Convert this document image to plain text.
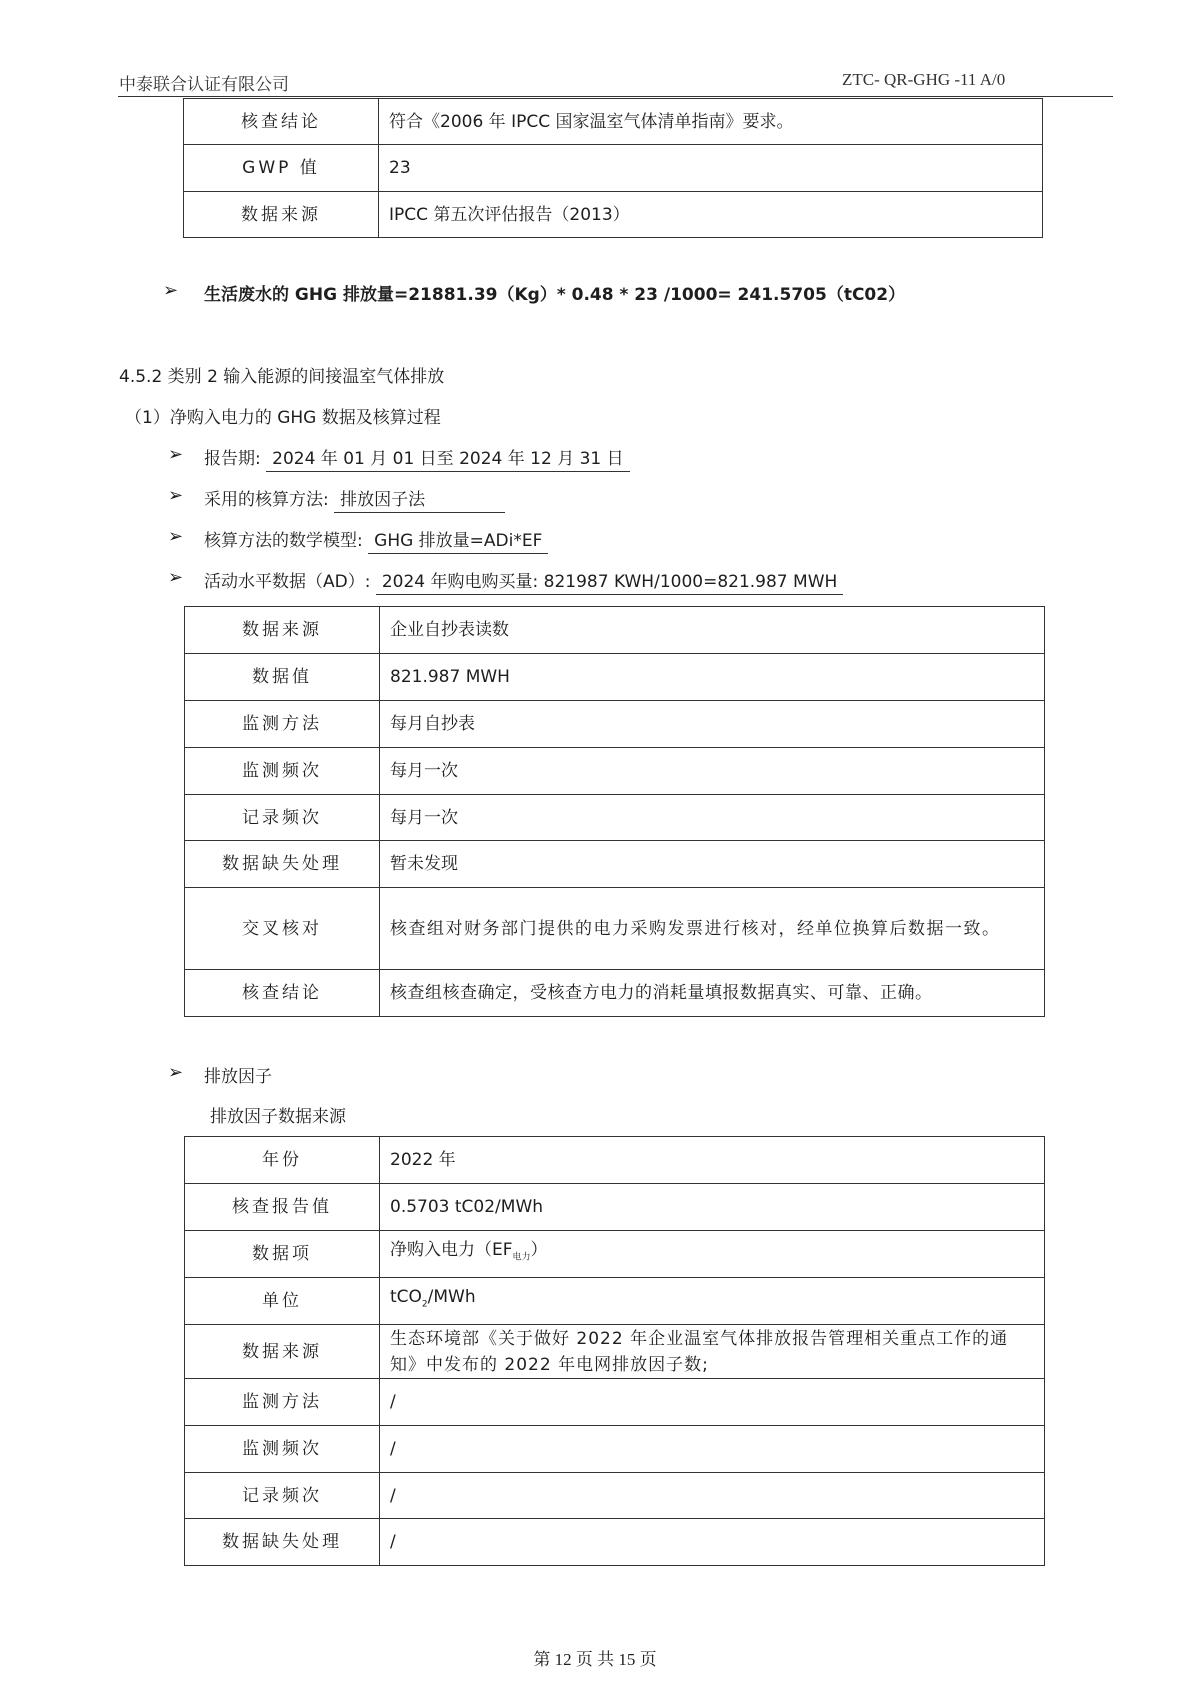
中泰联合认证有限公司	ZTC- QR-GHG -11 A/0
核查结论	符合《2006 年 IPCC 国家温室气体清单指南》要求。
GWP 值	23
数据来源	IPCC 第五次评估报告（2013）
➢ 生活废水的 GHG 排放量=21881.39（Kg）* 0.48 * 23 /1000= 241.5705（tC02）
4.5.2 类别 2 输入能源的间接温室气体排放
（1）净购入电力的 GHG 数据及核算过程
➢ 报告期: 2024 年 01 月 01 日至 2024 年 12 月 31 日
➢ 采用的核算方法: 排放因子法
➢ 核算方法的数学模型: GHG 排放量=ADi*EF
➢ 活动水平数据（AD）: 2024 年购电购买量: 821987 KWH/1000=821.987 MWH
数据来源	企业自抄表读数
数据值	821.987 MWH
监测方法	每月自抄表
监测频次	每月一次
记录频次	每月一次
数据缺失处理	暂未发现
交叉核对	核查组对财务部门提供的电力采购发票进行核对，经单位换算后数据一致。
核查结论	核查组核查确定，受核查方电力的消耗量填报数据真实、可靠、正确。
➢ 排放因子
排放因子数据来源
年份	2022 年
核查报告值	0.5703 tC02/MWh
数据项	净购入电力$(EF_{电力})$
单位	tCO$_2$/MWh
数据来源	生态环境部《关于做好 2022 年企业温室气体排放报告管理相关重点工作的通知》中发布的 2022 年电网排放因子数;
监测方法	/
监测频次	/
记录频次	/
数据缺失处理	/
第 12 页 共 15 页
